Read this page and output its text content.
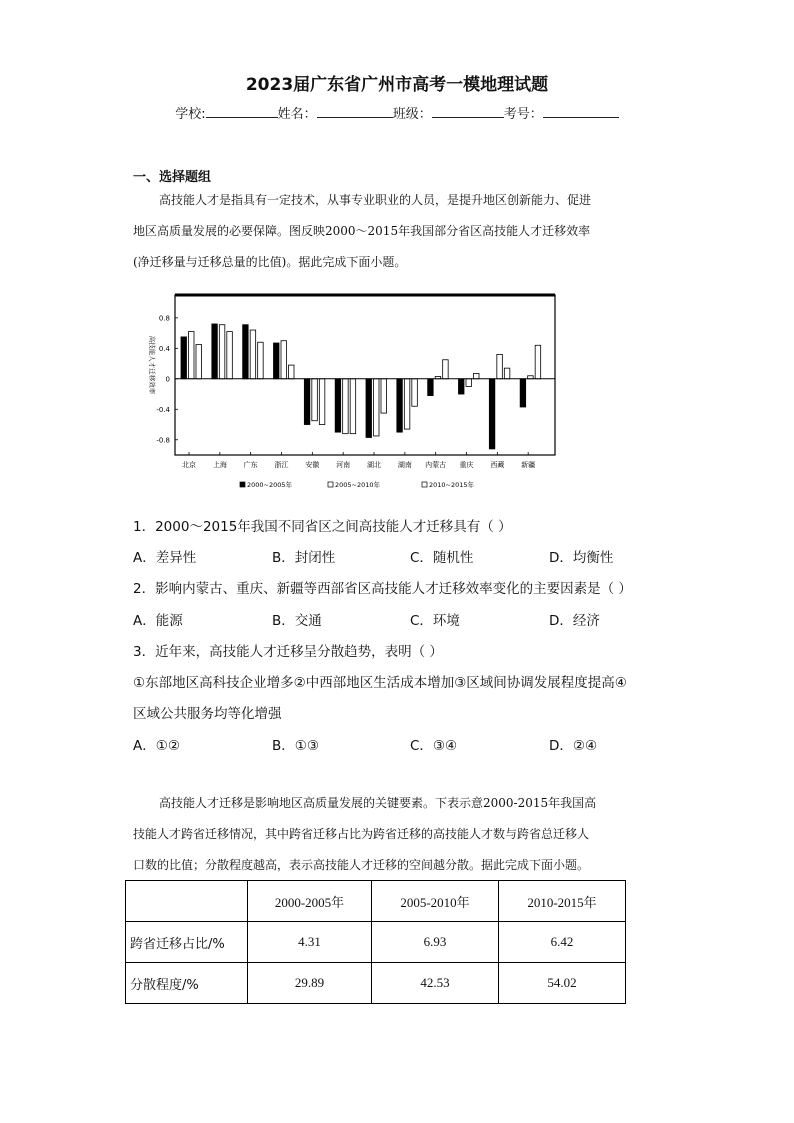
2023届广东省广州市高考一模地理试题
学校:	姓名：	班级：	考号：
一、选择题组
高技能人才是指具有一定技术，从事专业职业的人员，是提升地区创新能力、促进
地区高质量发展的必要保障。图反映2000～2015年我国部分省区高技能人才迁移效率
(净迁移量与迁移总量的比值)。据此完成下面小题。
0.8
0.4
0
-0.4
-0.8
高技能人才迁移效率
北京 上海 广东 浙江 安徽 河南 湖北 湖南 内蒙古 重庆 西藏 新疆
2000~2005年	2005~2010年	2010~2015年
1．2000～2015年我国不同省区之间高技能人才迁移具有（ ）
A．差异性	B．封闭性	C．随机性	D．均衡性
2．影响内蒙古、重庆、新疆等西部省区高技能人才迁移效率变化的主要因素是（ ）
A．能源	B．交通	C．环境	D．经济
3．近年来，高技能人才迁移呈分散趋势，表明（ ）
①东部地区高科技企业增多②中西部地区生活成本增加③区域间协调发展程度提高④
区域公共服务均等化增强
A．①②	B．①③	C．③④	D．②④
高技能人才迁移是影响地区高质量发展的关键要素。下表示意2000-2015年我国高
技能人才跨省迁移情况，其中跨省迁移占比为跨省迁移的高技能人才数与跨省总迁移人
口数的比值；分散程度越高，表示高技能人才迁移的空间越分散。据此完成下面小题。
	2000-2005年	2005-2010年	2010-2015年
跨省迁移占比/%	4.31	6.93	6.42
分散程度/%	29.89	42.53	54.02
